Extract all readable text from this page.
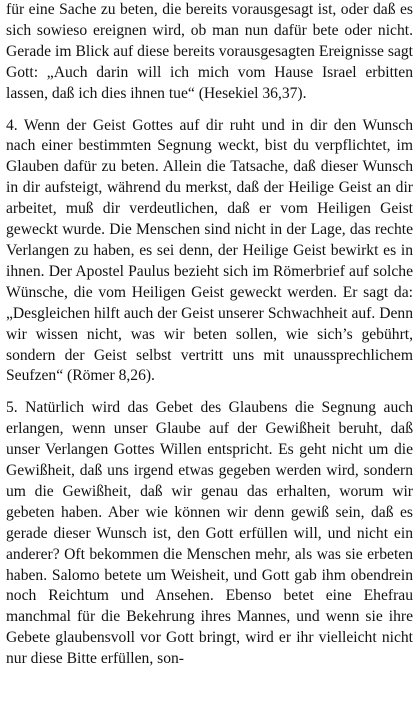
für eine Sache zu beten, die bereits vorausgesagt ist, oder daß es sich sowieso ereignen wird, ob man nun dafür bete oder nicht. Gerade im Blick auf diese bereits vorausgesagten Ereignisse sagt Gott: „Auch darin will ich mich vom Hause Israel erbitten lassen, daß ich dies ihnen tue“ (Hesekiel 36,37).

4. Wenn der Geist Gottes auf dir ruht und in dir den Wunsch nach einer bestimmten Segnung weckt, bist du verpflichtet, im Glauben dafür zu beten. Allein die Tatsache, daß dieser Wunsch in dir aufsteigt, während du merkst, daß der Heilige Geist an dir arbeitet, muß dir verdeutlichen, daß er vom Heiligen Geist geweckt wurde. Die Menschen sind nicht in der Lage, das rechte Verlangen zu haben, es sei denn, der Heilige Geist bewirkt es in ihnen. Der Apostel Paulus bezieht sich im Römerbrief auf solche Wünsche, die vom Heiligen Geist geweckt werden. Er sagt da: „Desgleichen hilft auch der Geist unserer Schwachheit auf. Denn wir wissen nicht, was wir beten sollen, wie sich’s gebührt, sondern der Geist selbst vertritt uns mit unaussprechlichem Seufzen“ (Römer 8,26).

5. Natürlich wird das Gebet des Glaubens die Segnung auch erlangen, wenn unser Glaube auf der Gewißheit beruht, daß unser Verlangen Gottes Willen entspricht. Es geht nicht um die Gewißheit, daß uns irgend etwas gegeben werden wird, sondern um die Gewißheit, daß wir genau das erhalten, worum wir gebeten haben. Aber wie können wir denn gewiß sein, daß es gerade dieser Wunsch ist, den Gott erfüllen will, und nicht ein anderer? Oft bekommen die Menschen mehr, als was sie erbeten haben. Salomo betete um Weisheit, und Gott gab ihm obendrein noch Reichtum und Ansehen. Ebenso betet eine Ehefrau manchmal für die Bekehrung ihres Mannes, und wenn sie ihre Gebete glaubensvoll vor Gott bringt, wird er ihr vielleicht nicht nur diese Bitte erfüllen, son-
